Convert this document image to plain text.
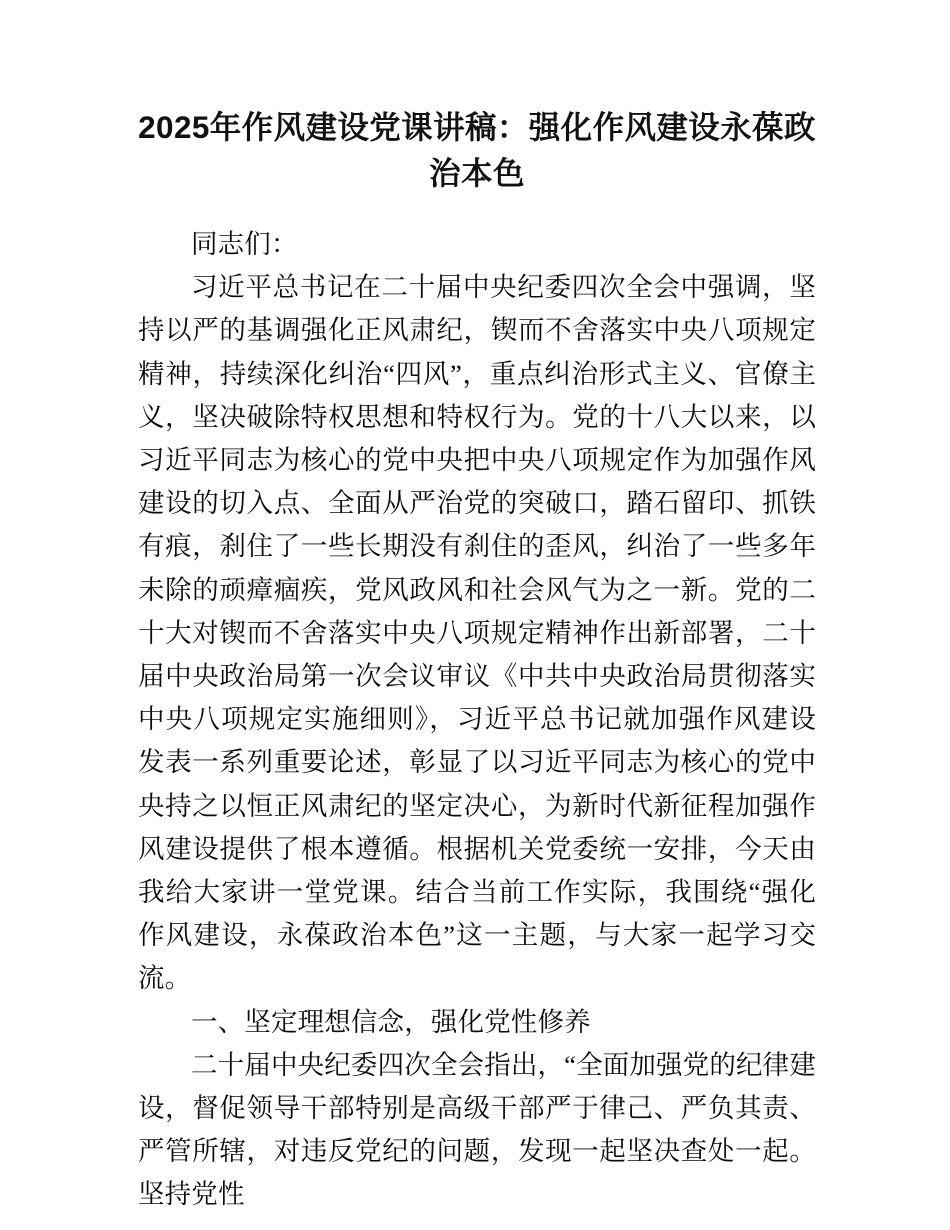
2025年作风建设党课讲稿：强化作风建设永葆政治本色

同志们：

习近平总书记在二十届中央纪委四次全会中强调，坚持以严的基调强化正风肃纪，锲而不舍落实中央八项规定精神，持续深化纠治“四风”，重点纠治形式主义、官僚主义，坚决破除特权思想和特权行为。党的十八大以来，以习近平同志为核心的党中央把中央八项规定作为加强作风建设的切入点、全面从严治党的突破口，踏石留印、抓铁有痕，刹住了一些长期没有刹住的歪风，纠治了一些多年未除的顽瘴痼疾，党风政风和社会风气为之一新。党的二十大对锲而不舍落实中央八项规定精神作出新部署，二十届中央政治局第一次会议审议《中共中央政治局贯彻落实中央八项规定实施细则》，习近平总书记就加强作风建设发表一系列重要论述，彰显了以习近平同志为核心的党中央持之以恒正风肃纪的坚定决心，为新时代新征程加强作风建设提供了根本遵循。根据机关党委统一安排，今天由我给大家讲一堂党课。结合当前工作实际，我围绕“强化作风建设，永葆政治本色”这一主题，与大家一起学习交流。

一、坚定理想信念，强化党性修养

二十届中央纪委四次全会指出，“全面加强党的纪律建设，督促领导干部特别是高级干部严于律己、严负其责、严管所辖，对违反党纪的问题，发现一起坚决查处一起。坚持党性
